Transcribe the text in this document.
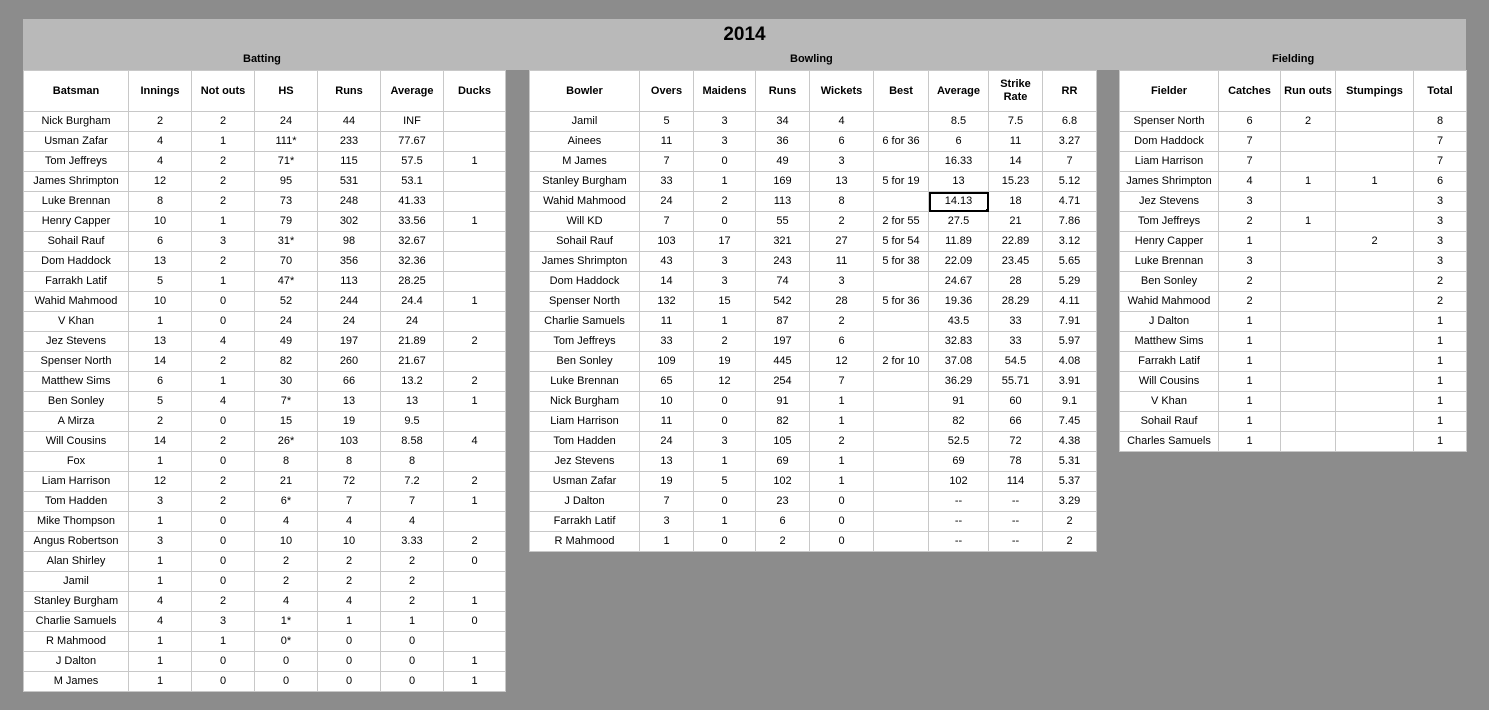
2014
Batting	Bowling	Fielding
Batsman	Innings	Not outs	HS	Runs	Average	Ducks
Nick Burgham	2	2	24	44	INF	
Usman Zafar	4	1	111*	233	77.67	
Tom Jeffreys	4	2	71*	115	57.5	1
James Shrimpton	12	2	95	531	53.1	
Luke Brennan	8	2	73	248	41.33	
Henry Capper	10	1	79	302	33.56	1
Sohail Rauf	6	3	31*	98	32.67	
Dom Haddock	13	2	70	356	32.36	
Farrakh Latif	5	1	47*	113	28.25	
Wahid Mahmood	10	0	52	244	24.4	1
V Khan	1	0	24	24	24	
Jez Stevens	13	4	49	197	21.89	2
Spenser North	14	2	82	260	21.67	
Matthew Sims	6	1	30	66	13.2	2
Ben Sonley	5	4	7*	13	13	1
A Mirza	2	0	15	19	9.5	
Will Cousins	14	2	26*	103	8.58	4
Fox	1	0	8	8	8	
Liam Harrison	12	2	21	72	7.2	2
Tom Hadden	3	2	6*	7	7	1
Mike Thompson	1	0	4	4	4	
Angus Robertson	3	0	10	10	3.33	2
Alan Shirley	1	0	2	2	2	0
Jamil	1	0	2	2	2	
Stanley Burgham	4	2	4	4	2	1
Charlie Samuels	4	3	1*	1	1	0
R Mahmood	1	1	0*	0	0	
J Dalton	1	0	0	0	0	1
M James	1	0	0	0	0	1
Bowler	Overs	Maidens	Runs	Wickets	Best	Average	Strike Rate	RR
Jamil	5	3	34	4		8.5	7.5	6.8
Ainees	11	3	36	6	6 for 36	6	11	3.27
M James	7	0	49	3		16.33	14	7
Stanley Burgham	33	1	169	13	5 for 19	13	15.23	5.12
Wahid Mahmood	24	2	113	8		14.13	18	4.71
Will KD	7	0	55	2	2 for 55	27.5	21	7.86
Sohail Rauf	103	17	321	27	5 for 54	11.89	22.89	3.12
James Shrimpton	43	3	243	11	5 for 38	22.09	23.45	5.65
Dom Haddock	14	3	74	3		24.67	28	5.29
Spenser North	132	15	542	28	5 for 36	19.36	28.29	4.11
Charlie Samuels	11	1	87	2		43.5	33	7.91
Tom Jeffreys	33	2	197	6		32.83	33	5.97
Ben Sonley	109	19	445	12	2 for 10	37.08	54.5	4.08
Luke Brennan	65	12	254	7		36.29	55.71	3.91
Nick Burgham	10	0	91	1		91	60	9.1
Liam Harrison	11	0	82	1		82	66	7.45
Tom Hadden	24	3	105	2		52.5	72	4.38
Jez Stevens	13	1	69	1		69	78	5.31
Usman Zafar	19	5	102	1		102	114	5.37
J Dalton	7	0	23	0		--	--	3.29
Farrakh Latif	3	1	6	0		--	--	2
R Mahmood	1	0	2	0		--	--	2
Fielder	Catches	Run outs	Stumpings	Total
Spenser North	6	2		8
Dom Haddock	7			7
Liam Harrison	7			7
James Shrimpton	4	1	1	6
Jez Stevens	3			3
Tom Jeffreys	2	1		3
Henry Capper	1		2	3
Luke Brennan	3			3
Ben Sonley	2			2
Wahid Mahmood	2			2
J Dalton	1			1
Matthew Sims	1			1
Farrakh Latif	1			1
Will Cousins	1			1
V Khan	1			1
Sohail Rauf	1			1
Charles Samuels	1			1
